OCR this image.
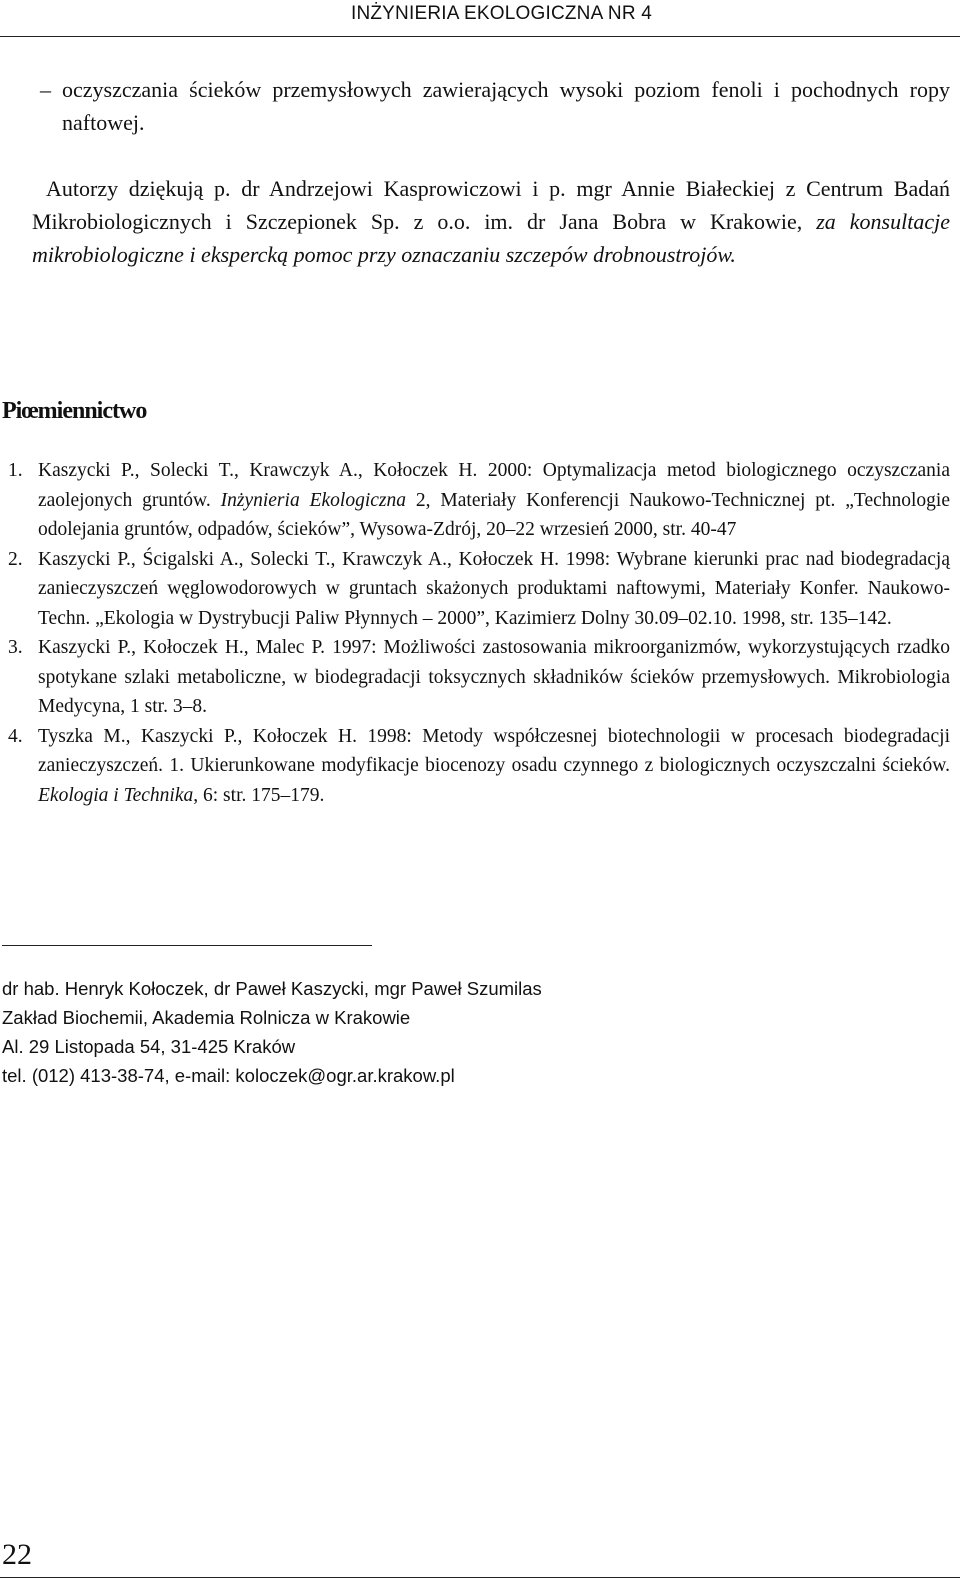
INŻYNIERIA EKOLOGICZNA NR 4
– oczyszczania ścieków przemysłowych zawierających wysoki poziom fenoli i pochodnych ropy naftowej.
Autorzy dziękują p. dr Andrzejowi Kasprowiczowi i p. mgr Annie Białeckiej z Centrum Badań Mikrobiologicznych i Szczepionek Sp. z o.o. im. dr Jana Bobra w Krakowie, za konsultacje mikrobiologiczne i ekspercką pomoc przy oznaczaniu szczepów drobnoustrojów.
Piœmiennictwo
1. Kaszycki P., Solecki T., Krawczyk A., Kołoczek H. 2000: Optymalizacja metod biologicznego oczyszczania zaolejonych gruntów. Inżynieria Ekologiczna 2, Materiały Konferencji Naukowo-Technicznej pt. „Technologie odolejania gruntów, odpadów, ścieków”, Wysowa-Zdrój, 20–22 wrzesień 2000, str. 40-47
2. Kaszycki P., Ścigalski A., Solecki T., Krawczyk A., Kołoczek H. 1998: Wybrane kierunki prac nad biodegradacją zanieczyszczeń węglowodorowych w gruntach skażonych produktami naftowymi, Materiały Konfer. Naukowo-Techn. „Ekologia w Dystrybucji Paliw Płynnych – 2000”, Kazimierz Dolny 30.09–02.10. 1998, str. 135–142.
3. Kaszycki P., Kołoczek H., Malec P. 1997: Możliwości zastosowania mikroorganizmów, wykorzystujących rzadko spotykane szlaki metaboliczne, w biodegradacji toksycznych składników ścieków przemysłowych. Mikrobiologia Medycyna, 1 str. 3–8.
4. Tyszka M., Kaszycki P., Kołoczek H. 1998: Metody współczesnej biotechnologii w procesach biodegradacji zanieczyszczeń. 1. Ukierunkowane modyfikacje biocenozy osadu czynnego z biologicznych oczyszczalni ścieków. Ekologia i Technika, 6: str. 175–179.
dr hab. Henryk Kołoczek, dr Paweł Kaszycki, mgr Paweł Szumilas
Zakład Biochemii, Akademia Rolnicza w Krakowie
Al. 29 Listopada 54, 31-425 Kraków
tel. (012) 413-38-74, e-mail: koloczek@ogr.ar.krakow.pl
22
